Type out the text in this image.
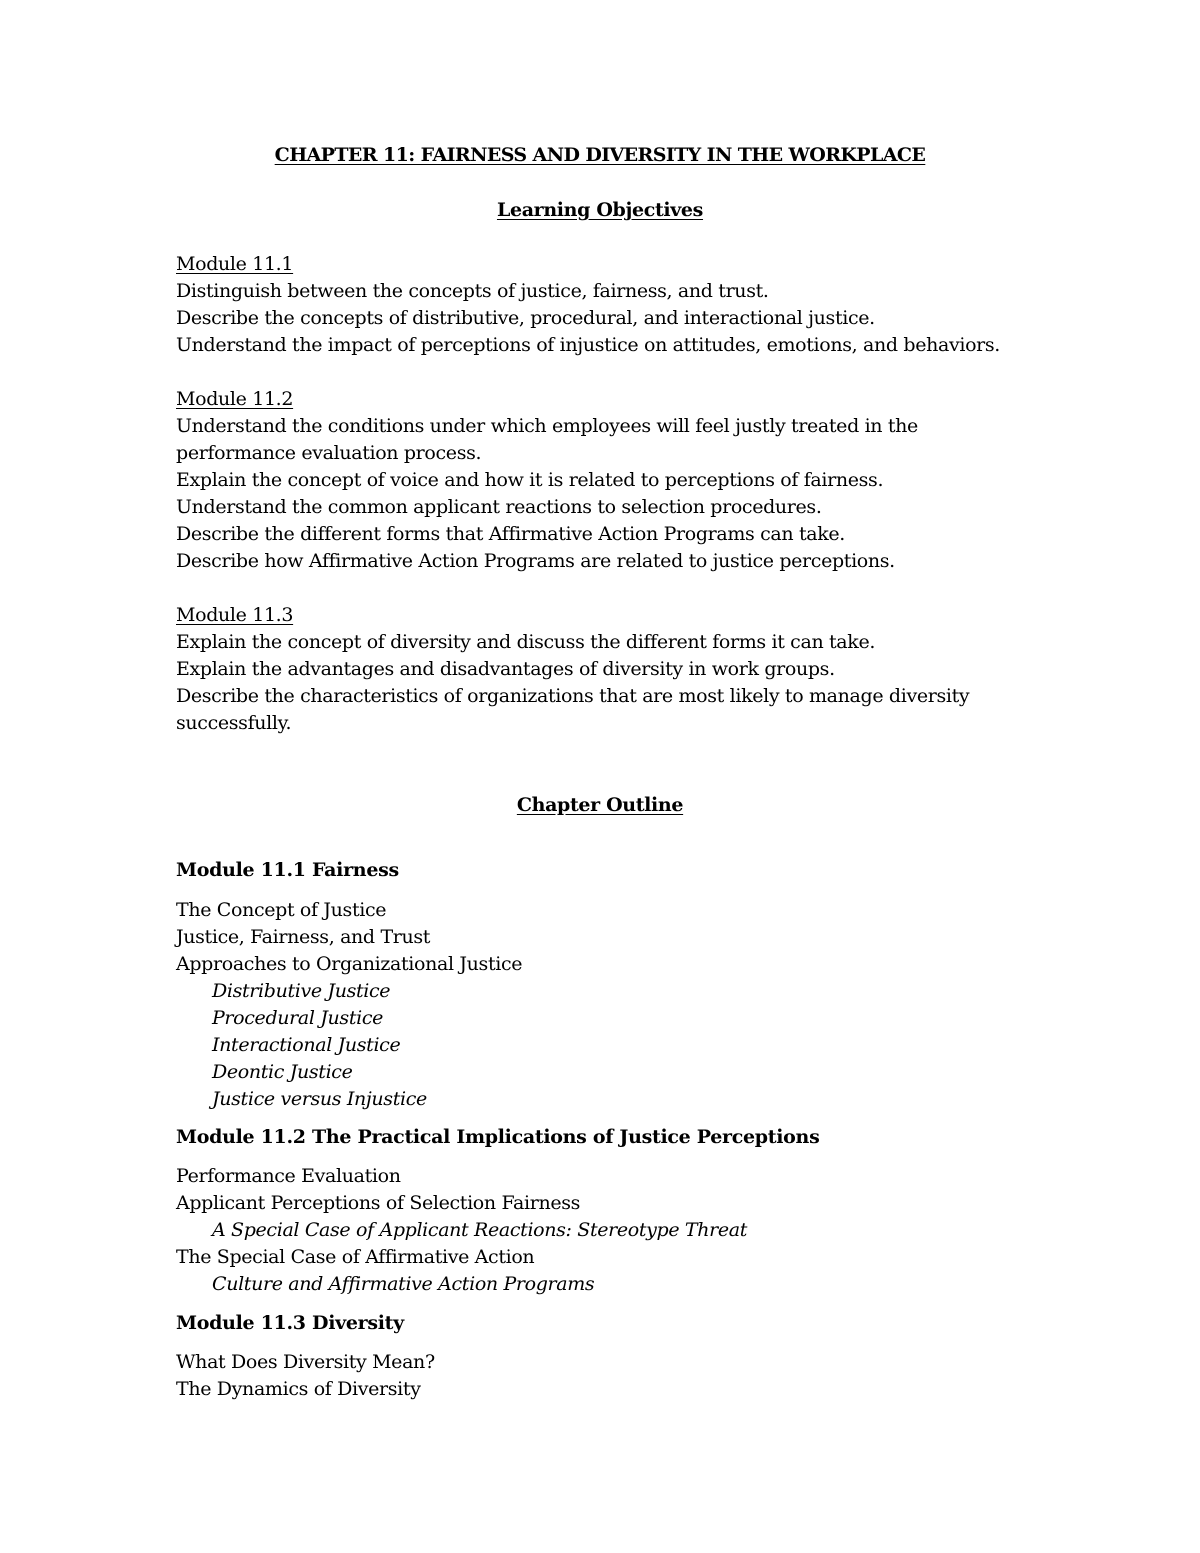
CHAPTER 11: FAIRNESS AND DIVERSITY IN THE WORKPLACE
Learning Objectives
Module 11.1
Distinguish between the concepts of justice, fairness, and trust.
Describe the concepts of distributive, procedural, and interactional justice.
Understand the impact of perceptions of injustice on attitudes, emotions, and behaviors.
Module 11.2
Understand the conditions under which employees will feel justly treated in the
performance evaluation process.
Explain the concept of voice and how it is related to perceptions of fairness.
Understand the common applicant reactions to selection procedures.
Describe the different forms that Affirmative Action Programs can take.
Describe how Affirmative Action Programs are related to justice perceptions.
Module 11.3
Explain the concept of diversity and discuss the different forms it can take.
Explain the advantages and disadvantages of diversity in work groups.
Describe the characteristics of organizations that are most likely to manage diversity
successfully.
Chapter Outline
Module 11.1 Fairness
The Concept of Justice
Justice, Fairness, and Trust
Approaches to Organizational Justice
Distributive Justice
Procedural Justice
Interactional Justice
Deontic Justice
Justice versus Injustice
Module 11.2 The Practical Implications of Justice Perceptions
Performance Evaluation
Applicant Perceptions of Selection Fairness
A Special Case of Applicant Reactions: Stereotype Threat
The Special Case of Affirmative Action
Culture and Affirmative Action Programs
Module 11.3 Diversity
What Does Diversity Mean?
The Dynamics of Diversity
